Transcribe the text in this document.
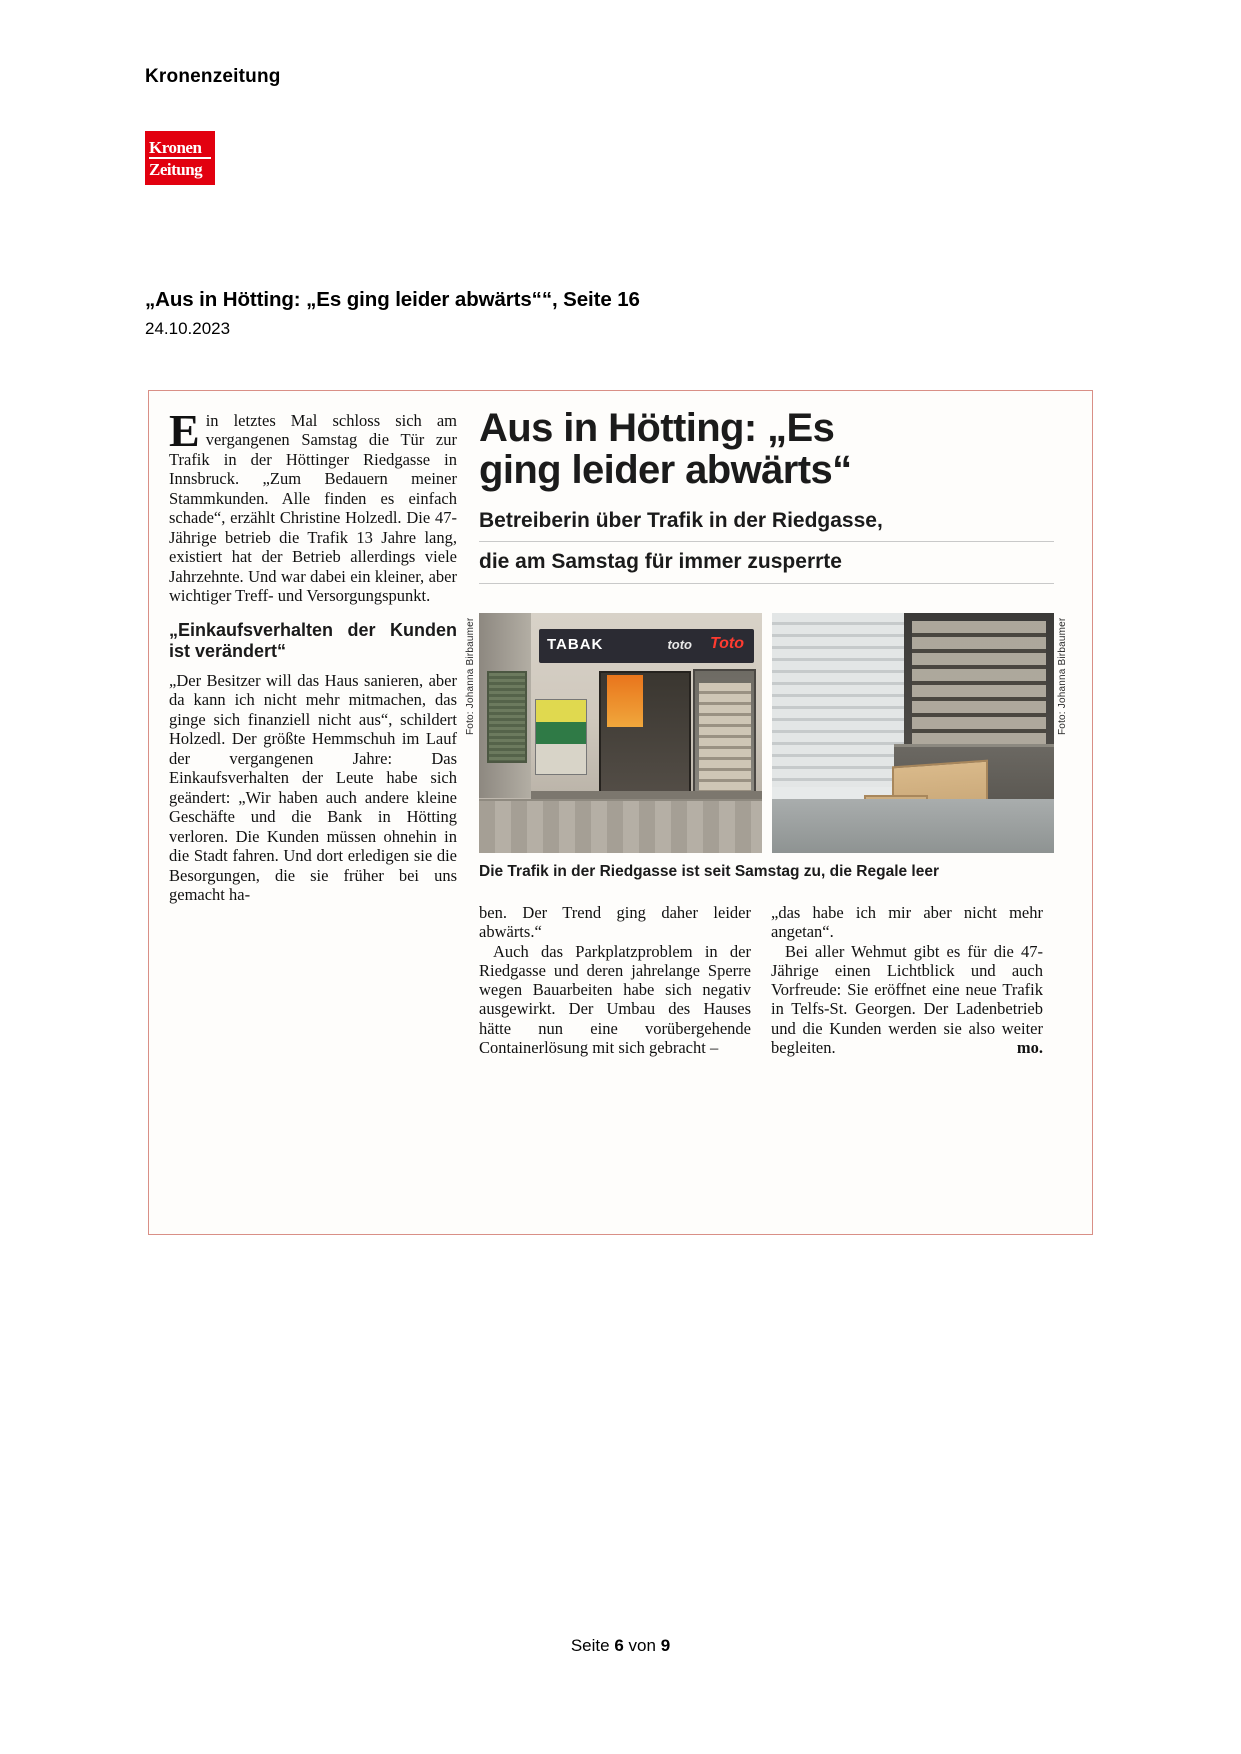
Kronenzeitung
Kronen
Zeitung
„Aus in Hötting: „Es ging leider abwärts““, Seite 16
24.10.2023

Ein letztes Mal schloss sich am vergangenen Samstag die Tür zur Trafik in der Höttinger Riedgasse in Innsbruck. „Zum Bedauern meiner Stammkunden. Alle finden es einfach schade“, erzählt Christine Holzedl. Die 47-Jährige betrieb die Trafik 13 Jahre lang, existiert hat der Betrieb allerdings viele Jahrzehnte. Und war dabei ein kleiner, aber wichtiger Treff- und Versorgungspunkt.

„Einkaufsverhalten der Kunden ist verändert“

„Der Besitzer will das Haus sanieren, aber da kann ich nicht mehr mitmachen, das ginge sich finanziell nicht aus“, schildert Holzedl. Der größte Hemmschuh im Lauf der vergangenen Jahre: Das Einkaufsverhalten der Leute habe sich geändert: „Wir haben auch andere kleine Geschäfte und die Bank in Hötting verloren. Die Kunden müssen ohnehin in die Stadt fahren. Und dort erledigen sie die Besorgungen, die sie früher bei uns gemacht ha-

Aus in Hötting: „Es
ging leider abwärts“
Betreiberin über Trafik in der Riedgasse,
die am Samstag für immer zusperrte
TABAK	toto Toto
Foto: Johanna Birbaumer	Foto: Johanna Birbaumer
Die Trafik in der Riedgasse ist seit Samstag zu, die Regale leer

ben. Der Trend ging daher leider abwärts.“

Auch das Parkplatzproblem in der Riedgasse und deren jahrelange Sperre wegen Bauarbeiten habe sich negativ ausgewirkt. Der Umbau des Hauses hätte nun eine vorübergehende Containerlösung mit sich gebracht –

„das habe ich mir aber nicht mehr angetan“.

Bei aller Wehmut gibt es für die 47-Jährige einen Lichtblick und auch Vorfreude: Sie eröffnet eine neue Trafik in Telfs-St. Georgen. Der Ladenbetrieb und die Kunden werden sie also weiter begleiten.	mo.

Seite 6 von 9
